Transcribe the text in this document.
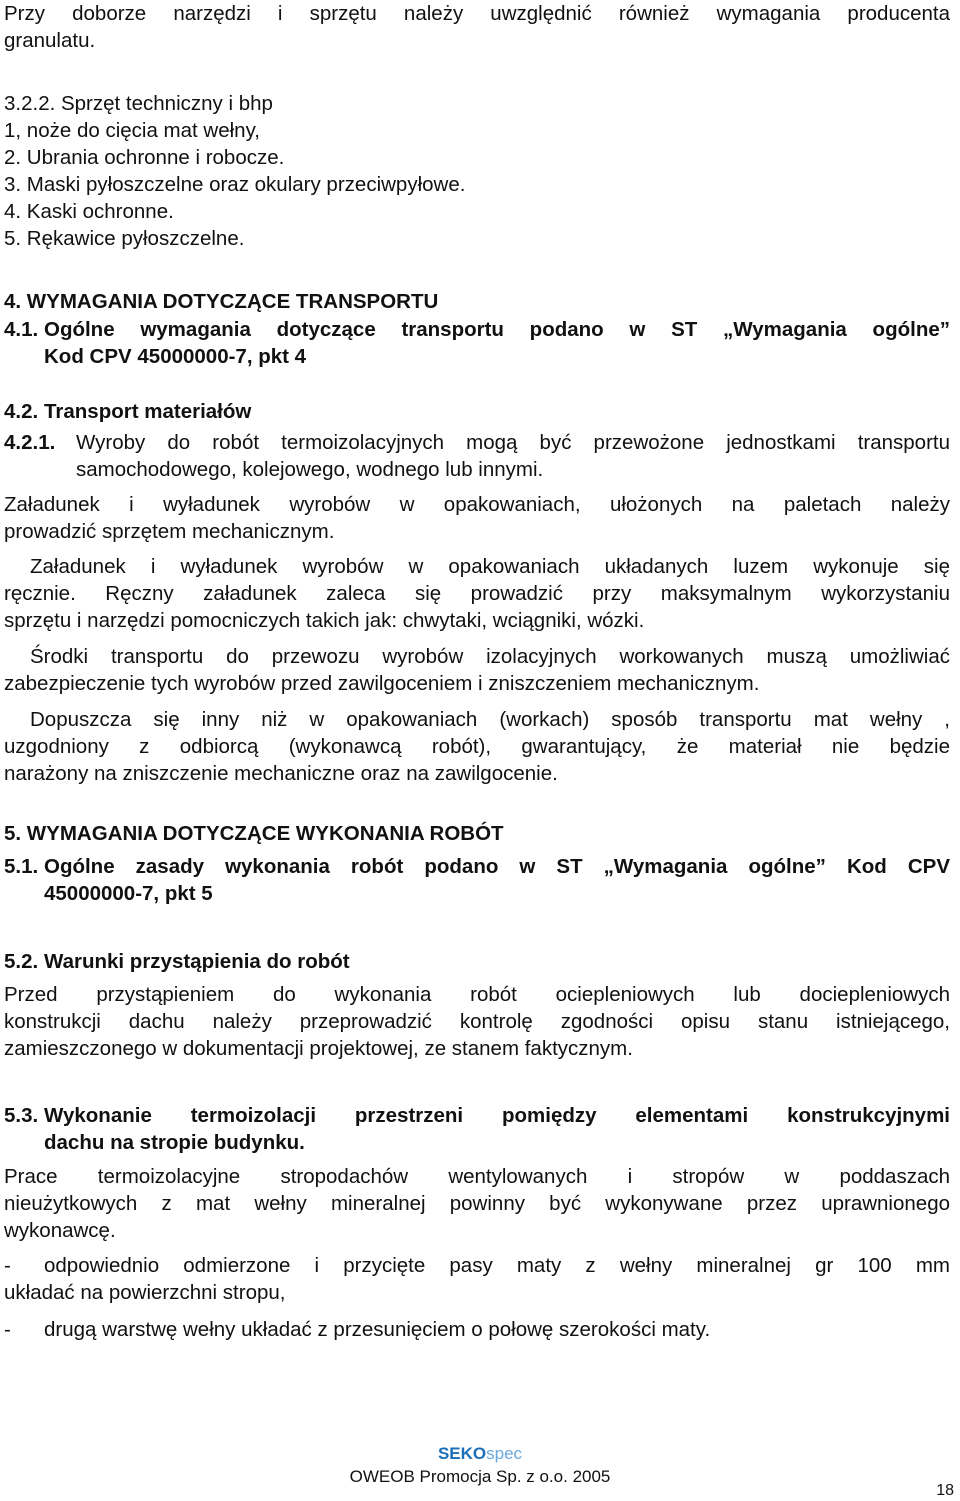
Przy doborze narzędzi i sprzętu należy uwzględnić również wymagania producenta
granulatu.
3.2.2. Sprzęt techniczny i bhp
1, noże do cięcia mat wełny,
2. Ubrania ochronne i robocze.
3. Maski pyłoszczelne oraz okulary przeciwpyłowe.
4. Kaski ochronne.
5. Rękawice pyłoszczelne.
4. WYMAGANIA DOTYCZĄCE TRANSPORTU
4.1. Ogólne wymagania dotyczące transportu podano w ST „Wymagania ogólne”
Kod CPV 45000000-7, pkt 4
4.2. Transport materiałów
4.2.1. Wyroby do robót termoizolacyjnych mogą być przewożone jednostkami transportu
samochodowego, kolejowego, wodnego lub innymi.
Załadunek i wyładunek wyrobów w opakowaniach, ułożonych na paletach należy
prowadzić sprzętem mechanicznym.
Załadunek i wyładunek wyrobów w opakowaniach układanych luzem wykonuje się
ręcznie. Ręczny załadunek zaleca się prowadzić przy maksymalnym wykorzystaniu
sprzętu i narzędzi pomocniczych takich jak: chwytaki, wciągniki, wózki.
Środki transportu do przewozu wyrobów izolacyjnych workowanych muszą umożliwiać
zabezpieczenie tych wyrobów przed zawilgoceniem i zniszczeniem mechanicznym.
Dopuszcza się inny niż w opakowaniach (workach) sposób transportu mat wełny ,
uzgodniony z odbiorcą (wykonawcą robót), gwarantujący, że materiał nie będzie
narażony na zniszczenie mechaniczne oraz na zawilgocenie.
5. WYMAGANIA DOTYCZĄCE WYKONANIA ROBÓT
5.1. Ogólne zasady wykonania robót podano w ST „Wymagania ogólne” Kod CPV
45000000-7, pkt 5
5.2. Warunki przystąpienia do robót
Przed przystąpieniem do wykonania robót ociepleniowych lub dociepleniowych
konstrukcji dachu należy przeprowadzić kontrolę zgodności opisu stanu istniejącego,
zamieszczonego w dokumentacji projektowej, ze stanem faktycznym.
5.3. Wykonanie termoizolacji przestrzeni pomiędzy elementami konstrukcyjnymi
dachu na stropie budynku.
Prace termoizolacyjne stropodachów wentylowanych i stropów w poddaszach
nieużytkowych z mat wełny mineralnej powinny być wykonywane przez uprawnionego
wykonawcę.
- odpowiednio odmierzone i przycięte pasy maty z wełny mineralnej gr 100 mm
układać na powierzchni stropu,
- drugą warstwę wełny układać z przesunięciem o połowę szerokości maty.
SEKOspec
OWEOB Promocja Sp. z o.o. 2005
18
